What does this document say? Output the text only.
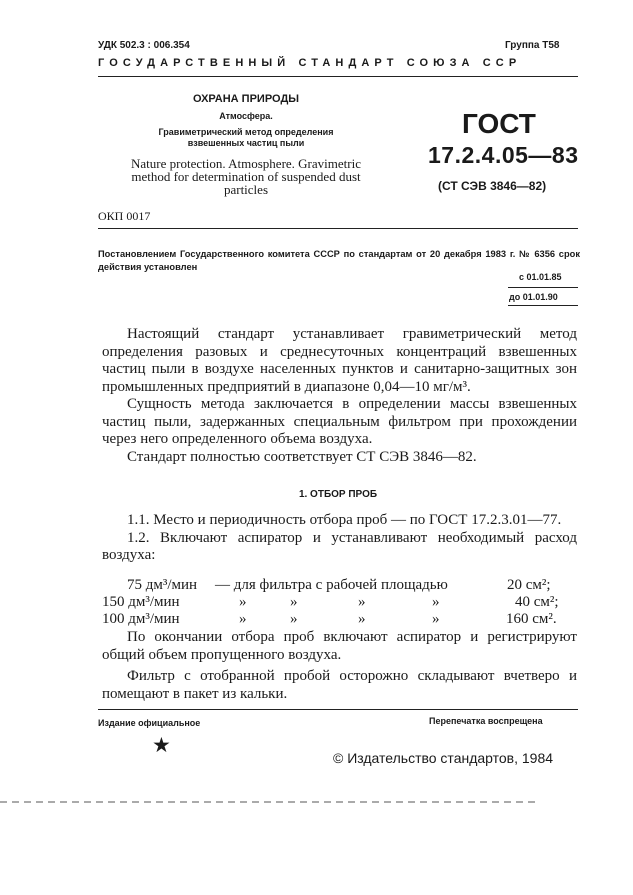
УДК 502.3 : 006.354	Группа Т58
ГОСУДАРСТВЕННЫЙ СТАНДАРТ СОЮЗА ССР
ОХРАНА ПРИРОДЫ
Атмосфера.
Гравиметрический метод определения
взвешенных частиц пыли
Nature protection. Atmosphere. Gravimetric
method for determination of suspended dust
particles
ГОСТ
17.2.4.05—83
(СТ СЭВ 3846—82)
ОКП 0017
Постановлением Государственного комитета СССР по стандартам от 20 декабря 1983 г. № 6356 срок действия установлен
с 01.01.85
до 01.01.90

Настоящий стандарт устанавливает гравиметрический метод определения разовых и среднесуточных концентраций взвешенных частиц пыли в воздухе населенных пунктов и санитарно-защитных зон промышленных предприятий в диапазоне 0,04—10 мг/м³.

Сущность метода заключается в определении массы взвешенных частиц пыли, задержанных специальным фильтром при прохождении через него определенного объема воздуха.

Стандарт полностью соответствует СТ СЭВ 3846—82.

1. ОТБОР ПРОБ

1.1. Место и периодичность отбора проб — по ГОСТ 17.2.3.01—77.

1.2. Включают аспиратор и устанавливают необходимый расход воздуха:

75 дм³/мин — для фильтра с рабочей площадью	20 см²;
150 дм³/мин	»	»	»	»	40 см²;
100 дм³/мин	»	»	»	»	160 см².

По окончании отбора проб включают аспиратор и регистрируют общий объем пропущенного воздуха.

Фильтр с отобранной пробой осторожно складывают вчетверо и помещают в пакет из кальки.

Издание официальное	Перепечатка воспрещена
★
© Издательство стандартов, 1984
